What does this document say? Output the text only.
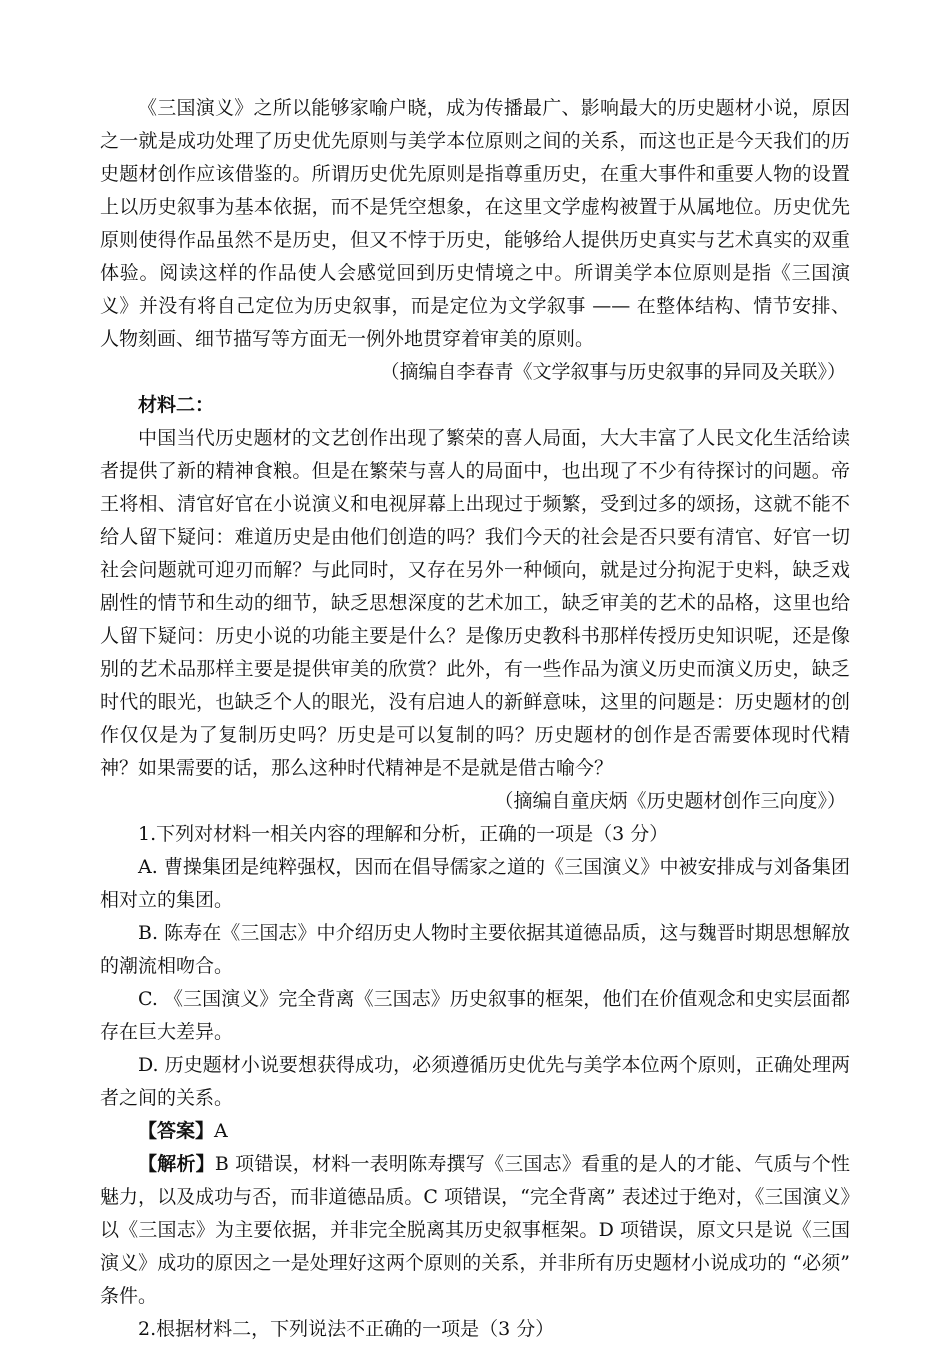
《三国演义》之所以能够家喻户晓，成为传播最广、影响最大的历史题材小说，原因之一就是成功处理了历史优先原则与美学本位原则之间的关系，而这也正是今天我们的历史题材创作应该借鉴的。所谓历史优先原则是指尊重历史，在重大事件和重要人物的设置上以历史叙事为基本依据，而不是凭空想象，在这里文学虚构被置于从属地位。历史优先原则使得作品虽然不是历史，但又不悖于历史，能够给人提供历史真实与艺术真实的双重体验。阅读这样的作品使人会感觉回到历史情境之中。所谓美学本位原则是指《三国演义》并没有将自己定位为历史叙事，而是定位为文学叙事 —— 在整体结构、情节安排、人物刻画、细节描写等方面无一例外地贯穿着审美的原则。

（摘编自李春青《文学叙事与历史叙事的异同及关联》）

材料二：

中国当代历史题材的文艺创作出现了繁荣的喜人局面，大大丰富了人民文化生活给读者提供了新的精神食粮。但是在繁荣与喜人的局面中，也出现了不少有待探讨的问题。帝王将相、清官好官在小说演义和电视屏幕上出现过于频繁，受到过多的颂扬，这就不能不给人留下疑问：难道历史是由他们创造的吗？我们今天的社会是否只要有清官、好官一切社会问题就可迎刃而解？与此同时，又存在另外一种倾向，就是过分拘泥于史料，缺乏戏剧性的情节和生动的细节，缺乏思想深度的艺术加工，缺乏审美的艺术的品格，这里也给人留下疑问：历史小说的功能主要是什么？是像历史教科书那样传授历史知识呢，还是像别的艺术品那样主要是提供审美的欣赏？此外，有一些作品为演义历史而演义历史，缺乏时代的眼光，也缺乏个人的眼光，没有启迪人的新鲜意味，这里的问题是：历史题材的创作仅仅是为了复制历史吗？历史是可以复制的吗？历史题材的创作是否需要体现时代精神？如果需要的话，那么这种时代精神是不是就是借古喻今？

（摘编自童庆炳《历史题材创作三向度》）

1.下列对材料一相关内容的理解和分析，正确的一项是（3 分）

A. 曹操集团是纯粹强权，因而在倡导儒家之道的《三国演义》中被安排成与刘备集团相对立的集团。

B. 陈寿在《三国志》中介绍历史人物时主要依据其道德品质，这与魏晋时期思想解放的潮流相吻合。

C. 《三国演义》完全背离《三国志》历史叙事的框架，他们在价值观念和史实层面都存在巨大差异。

D. 历史题材小说要想获得成功，必须遵循历史优先与美学本位两个原则，正确处理两者之间的关系。

【答案】A

【解析】B 项错误，材料一表明陈寿撰写《三国志》看重的是人的才能、气质与个性魅力，以及成功与否，而非道德品质。C 项错误，“完全背离” 表述过于绝对，《三国演义》以《三国志》为主要依据，并非完全脱离其历史叙事框架。D 项错误，原文只是说《三国演义》成功的原因之一是处理好这两个原则的关系，并非所有历史题材小说成功的 “必须” 条件。

2.根据材料二，下列说法不正确的一项是（3 分）
